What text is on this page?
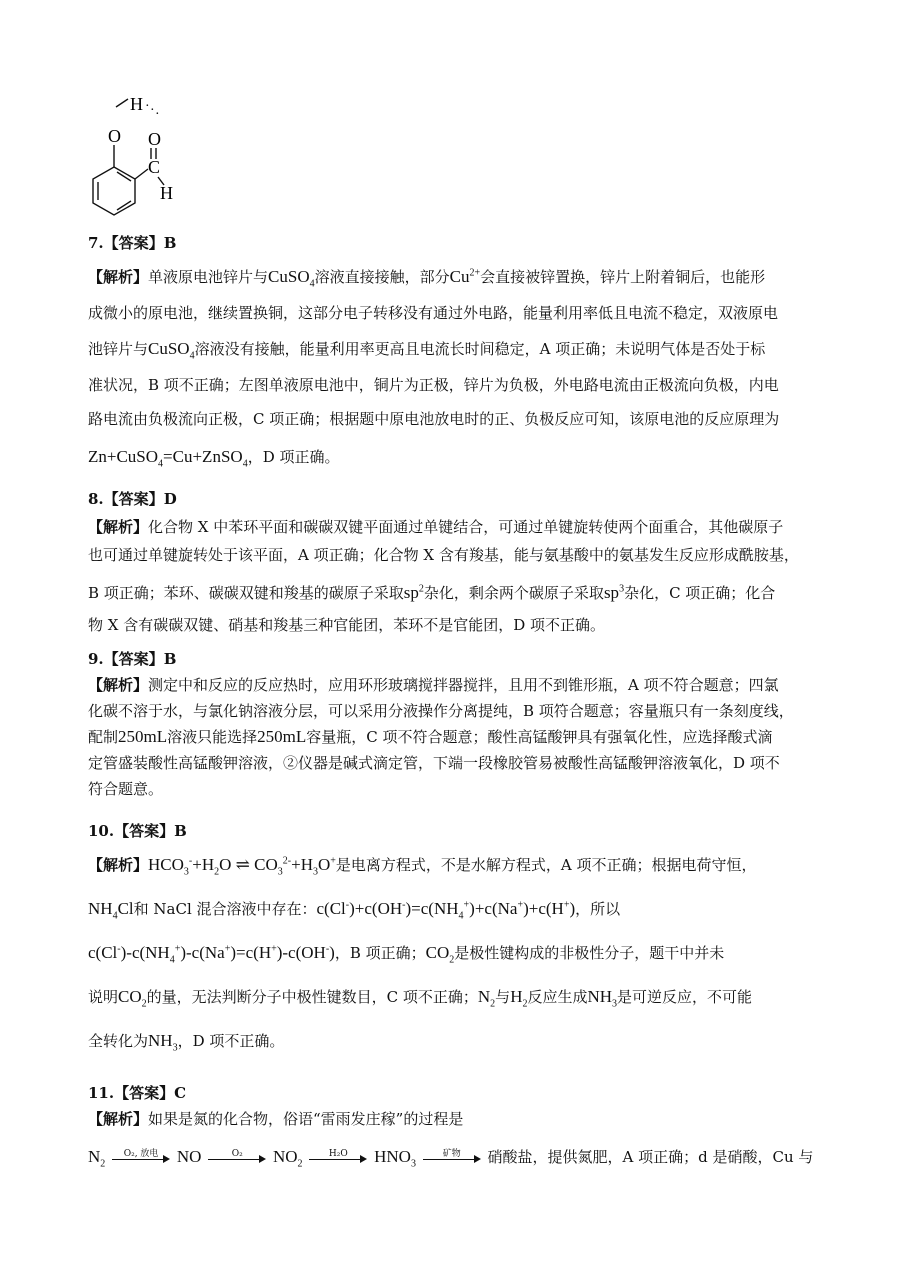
H · · ·
O O
C
H
7.【答案】B
【解析】单液原电池锌片与CuSO$_4$溶液直接接触，部分$Cu^{2+}$会直接被锌置换，锌片上附着铜后，也能形
成微小的原电池，继续置换铜，这部分电子转移没有通过外电路，能量利用率低且电流不稳定，双液原电
池锌片与CuSO$_4$溶液没有接触，能量利用率更高且电流长时间稳定，A 项正确；未说明气体是否处于标
准状况，B 项不正确；左图单液原电池中，铜片为正极，锌片为负极，外电路电流由正极流向负极，内电
路电流由负极流向正极，C 项正确；根据题中原电池放电时的正、负极反应可知，该原电池的反应原理为
Zn+CuSO$_4$=Cu+ZnSO$_4$，D 项正确。
8.【答案】D
【解析】化合物 X 中苯环平面和碳碳双键平面通过单键结合，可通过单键旋转使两个面重合，其他碳原子
也可通过单键旋转处于该平面，A 项正确；化合物 X 含有羧基，能与氨基酸中的氨基发生反应形成酰胺基，
B 项正确；苯环、碳碳双键和羧基的碳原子采取$sp^2$杂化，剩余两个碳原子采取$sp^3$杂化，C 项正确；化合
物 X 含有碳碳双键、硝基和羧基三种官能团，苯环不是官能团，D 项不正确。
9.【答案】B
【解析】测定中和反应的反应热时，应用环形玻璃搅拌器搅拌，且用不到锥形瓶，A 项不符合题意；四氯
化碳不溶于水，与氯化钠溶液分层，可以采用分液操作分离提纯，B 项符合题意；容量瓶只有一条刻度线，
配制250mL溶液只能选择250mL容量瓶，C 项不符合题意；酸性高锰酸钾具有强氧化性，应选择酸式滴
定管盛装酸性高锰酸钾溶液，②仪器是碱式滴定管，下端一段橡胶管易被酸性高锰酸钾溶液氧化，D 项不
符合题意。
10.【答案】B
【解析】$HCO_3^-+H_2O$ ⇌ $CO_3^{2-}+H_3O^+$是电离方程式，不是水解方程式，A 项不正确；根据电荷守恒，
$NH_4Cl$和 NaCl 混合溶液中存在：$c(Cl^-)+c(OH^-)=c(NH_4^+)+c(Na^+)+c(H^+)$，所以
$c(Cl^-)-c(NH_4^+)-c(Na^+)=c(H^+)-c(OH^-)$，B 项正确；$CO_2$是极性键构成的非极性分子，题干中并未
说明$CO_2$的量，无法判断分子中极性键数目，C 项不正确；$N_2$与$H_2$反应生成$NH_3$是可逆反应，不可能
全转化为$NH_3$，D 项不正确。
11.【答案】C
【解析】如果是氮的化合物，俗语“雷雨发庄稼”的过程是
$N_2$
O₂, 放电	NO	O₂	$NO_2$
H₂O	$HNO_3$
矿物	硝酸盐，提供氮肥，A 项正确；d 是硝酸，Cu 与
